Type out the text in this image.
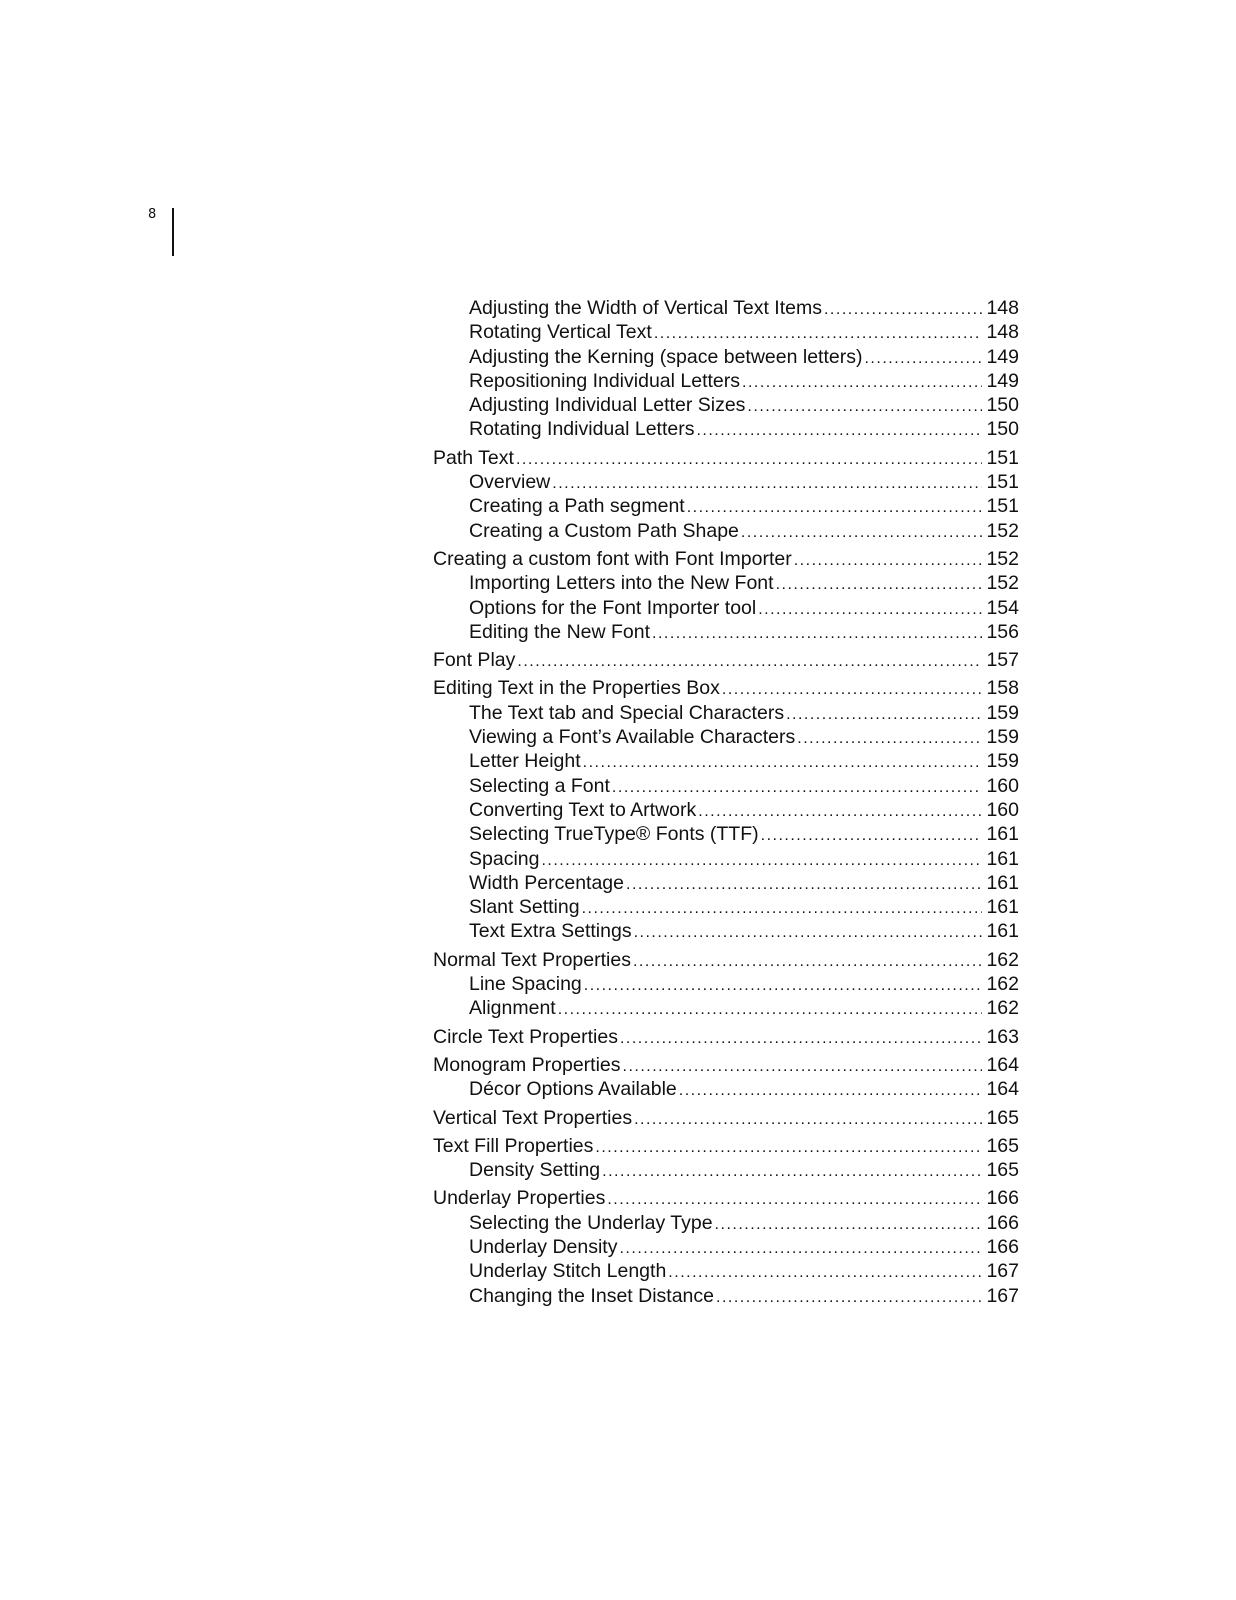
8
Adjusting the Width of Vertical Text Items .....	148
Rotating Vertical Text .....	148
Adjusting the Kerning (space between letters) .....	149
Repositioning Individual Letters .....	149
Adjusting Individual Letter Sizes .....	150
Rotating Individual Letters .....	150
Path Text .....	151
Overview .....	151
Creating a Path segment .....	151
Creating a Custom Path Shape .....	152
Creating a custom font with Font Importer .....	152
Importing Letters into the New Font .....	152
Options for the Font Importer tool .....	154
Editing the New Font .....	156
Font Play .....	157
Editing Text in the Properties Box .....	158
The Text tab and Special Characters .....	159
Viewing a Font’s Available Characters .....	159
Letter Height .....	159
Selecting a Font .....	160
Converting Text to Artwork .....	160
Selecting TrueType® Fonts (TTF) .....	161
Spacing .....	161
Width Percentage .....	161
Slant Setting .....	161
Text Extra Settings .....	161
Normal Text Properties .....	162
Line Spacing .....	162
Alignment .....	162
Circle Text Properties .....	163
Monogram Properties .....	164
Décor Options Available .....	164
Vertical Text Properties .....	165
Text Fill Properties .....	165
Density Setting .....	165
Underlay Properties .....	166
Selecting the Underlay Type .....	166
Underlay Density .....	166
Underlay Stitch Length .....	167
Changing the Inset Distance .....	167
